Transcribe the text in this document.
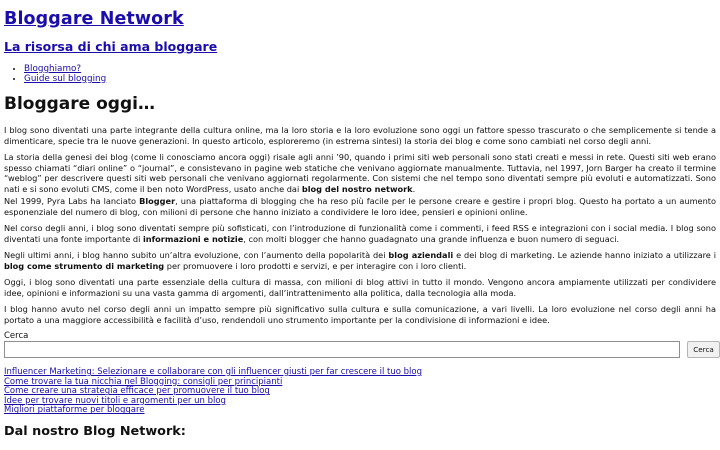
Bloggare Network
La risorsa di chi ama bloggare
• Blogghiamo?
• Guide sul blogging
Bloggare oggi…

I blog sono diventati una parte integrante della cultura online, ma la loro storia e la loro evoluzione sono oggi un fattore spesso trascurato o che semplicemente si tende a dimenticare, specie tra le nuove generazioni. In questo articolo, esploreremo (in estrema sintesi) la storia dei blog e come sono cambiati nel corso degli anni.

La storia della genesi dei blog (come li conosciamo ancora oggi) risale agli anni ’90, quando i primi siti web personali sono stati creati e messi in rete. Questi siti web erano spesso chiamati “diari online” o “journal”, e consistevano in pagine web statiche che venivano aggiornate manualmente. Tuttavia, nel 1997, Jorn Barger ha creato il termine “weblog” per descrivere questi siti web personali che venivano aggiornati regolarmente. Con sistemi che nel tempo sono diventati sempre più evoluti e automatizzati. Sono nati e si sono evoluti CMS, come il ben noto WordPress, usato anche dai blog del nostro network.

Nel 1999, Pyra Labs ha lanciato Blogger, una piattaforma di blogging che ha reso più facile per le persone creare e gestire i propri blog. Questo ha portato a un aumento esponenziale del numero di blog, con milioni di persone che hanno iniziato a condividere le loro idee, pensieri e opinioni online.

Nel corso degli anni, i blog sono diventati sempre più sofisticati, con l’introduzione di funzionalità come i commenti, i feed RSS e integrazioni con i social media. I blog sono diventati una fonte importante di informazioni e notizie, con molti blogger che hanno guadagnato una grande influenza e buon numero di seguaci.

Negli ultimi anni, i blog hanno subito un’altra evoluzione, con l’aumento della popolarità dei blog aziendali e dei blog di marketing. Le aziende hanno iniziato a utilizzare i blog come strumento di marketing per promuovere i loro prodotti e servizi, e per interagire con i loro clienti.

Oggi, i blog sono diventati una parte essenziale della cultura di massa, con milioni di blog attivi in tutto il mondo. Vengono ancora ampiamente utilizzati per condividere idee, opinioni e informazioni su una vasta gamma di argomenti, dall’intrattenimento alla politica, dalla tecnologia alla moda.

I blog hanno avuto nel corso degli anni un impatto sempre più significativo sulla cultura e sulla comunicazione, a vari livelli. La loro evoluzione nel corso degli anni ha portato a una maggiore accessibilità e facilità d’uso, rendendoli uno strumento importante per la condivisione di informazioni e idee.

Cerca
Cerca
Influencer Marketing: Selezionare e collaborare con gli influencer giusti per far crescere il tuo blog
Come trovare la tua nicchia nel Blogging: consigli per principianti
Come creare una strategia efficace per promuovere il tuo blog
Idee per trovare nuovi titoli e argomenti per un blog
Migliori piattaforme per bloggare
Dal nostro Blog Network:
